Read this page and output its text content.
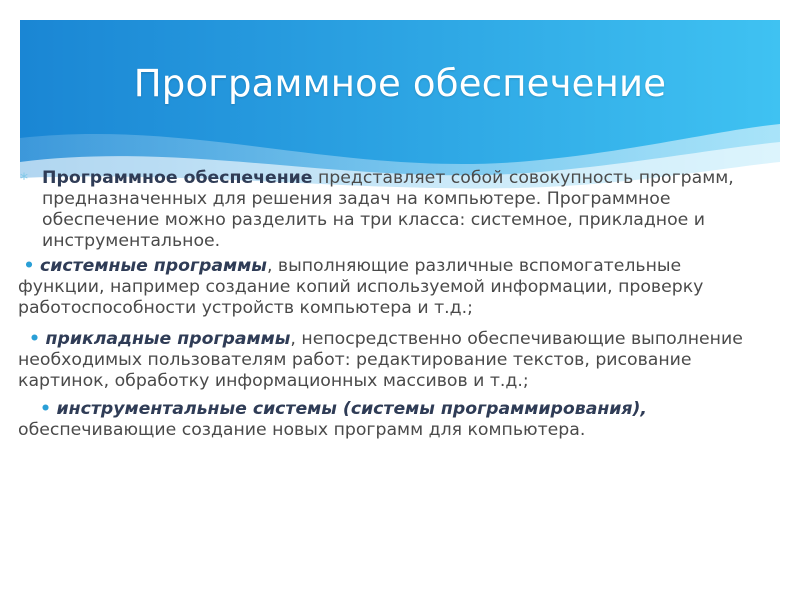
Программное обеспечение

* Программное обеспечение представляет собой совокупность программ, предназначенных для решения задач на компьютере. Программное обеспечение можно разделить на три класса: системное, прикладное и инструментальное.

• системные программы, выполняющие различные вспомогательные функции, например создание копий используемой информации, проверку работоспособности устройств компьютера и т.д.;

• прикладные программы, непосредственно обеспечивающие выполнение необходимых пользователям работ: редактирование текстов, рисование картинок, обработку информационных массивов и т.д.;

• инструментальные системы (системы программирования), обеспечивающие создание новых программ для компьютера.
